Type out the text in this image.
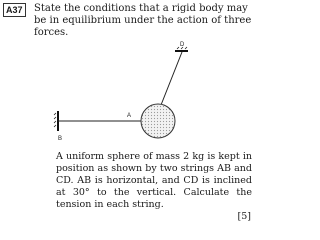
A37	State the conditions that a rigid body may be in equilibrium under the action of three forces.

D
A
B

A uniform sphere of mass 2 kg is kept in position as shown by two strings AB and CD. AB is horizontal, and CD is inclined at 30° to the vertical. Calculate the tension in each string.

[5]
